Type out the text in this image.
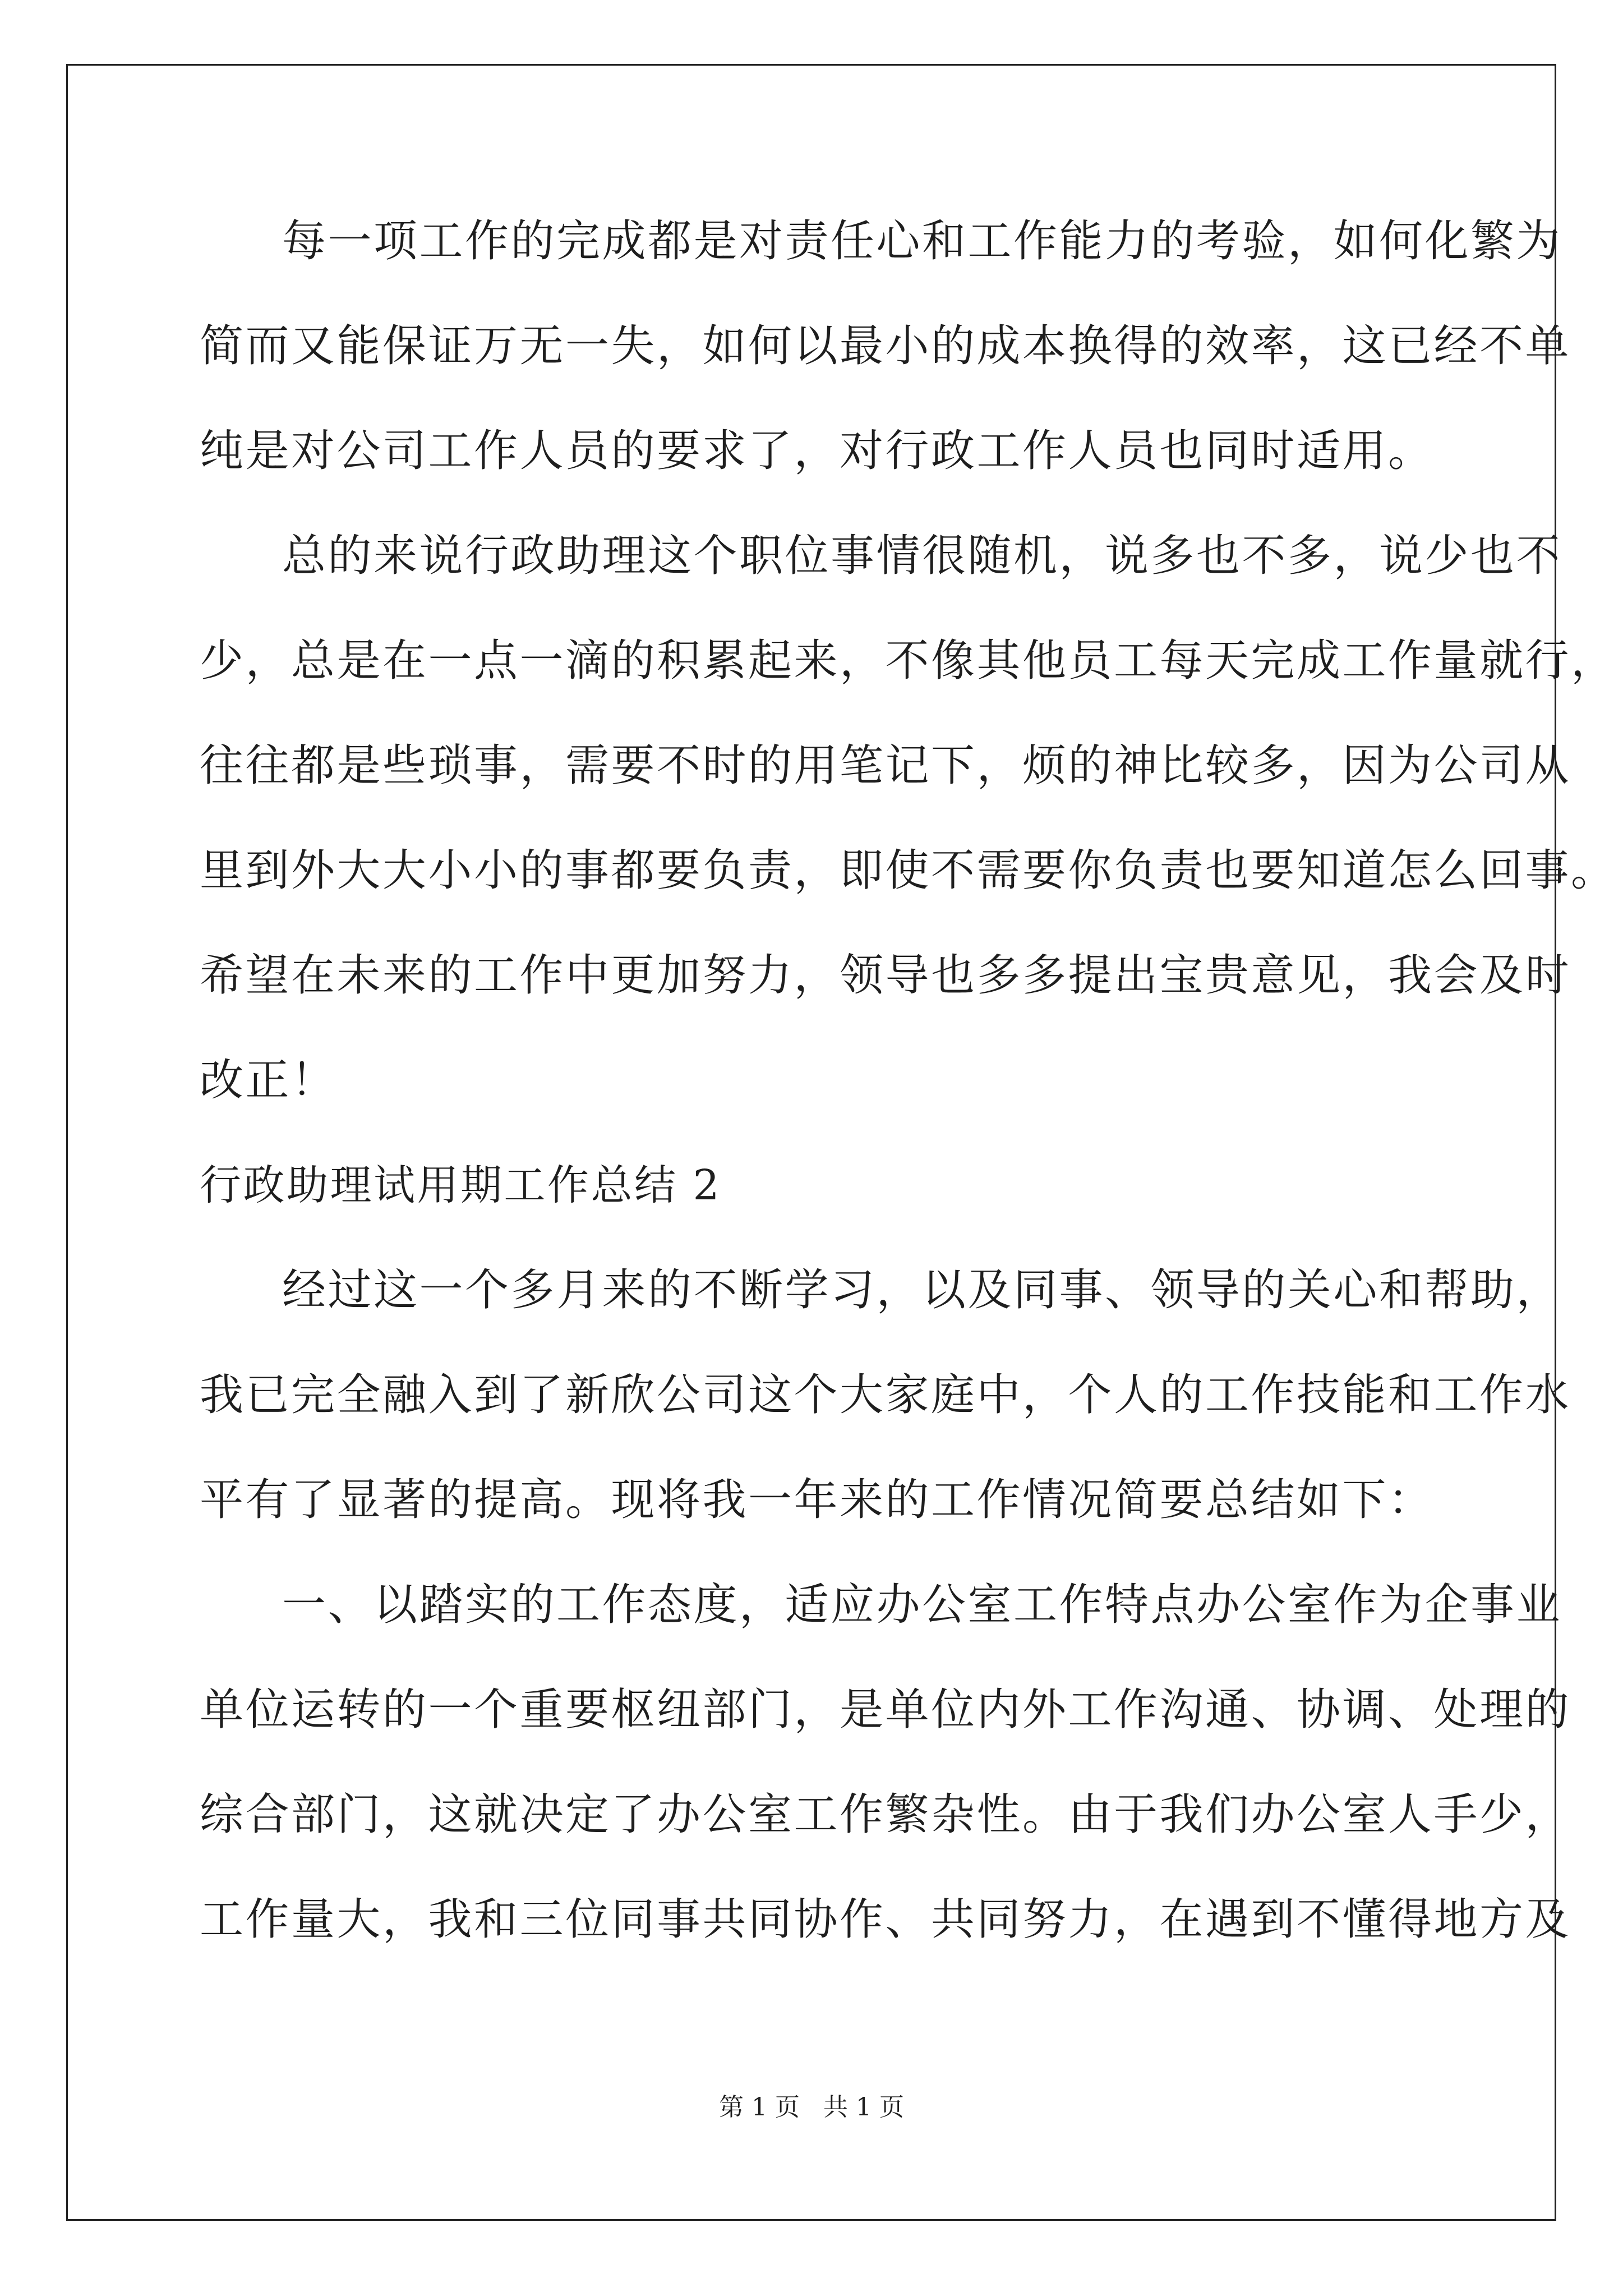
每一项工作的完成都是对责任心和工作能力的考验，如何化繁为
简而又能保证万无一失，如何以最小的成本换得的效率，这已经不单
纯是对公司工作人员的要求了，对行政工作人员也同时适用。
总的来说行政助理这个职位事情很随机，说多也不多，说少也不
少，总是在一点一滴的积累起来，不像其他员工每天完成工作量就行，
往往都是些琐事，需要不时的用笔记下，烦的神比较多，因为公司从
里到外大大小小的事都要负责，即使不需要你负责也要知道怎么回事。
希望在未来的工作中更加努力，领导也多多提出宝贵意见，我会及时
改正！
行政助理试用期工作总结 2
经过这一个多月来的不断学习，以及同事、领导的关心和帮助，
我已完全融入到了新欣公司这个大家庭中，个人的工作技能和工作水
平有了显著的提高。现将我一年来的工作情况简要总结如下：
一、以踏实的工作态度，适应办公室工作特点办公室作为企事业
单位运转的一个重要枢纽部门，是单位内外工作沟通、协调、处理的
综合部门，这就决定了办公室工作繁杂性。由于我们办公室人手少，
工作量大，我和三位同事共同协作、共同努力，在遇到不懂得地方及
第 1 页 共 1 页
